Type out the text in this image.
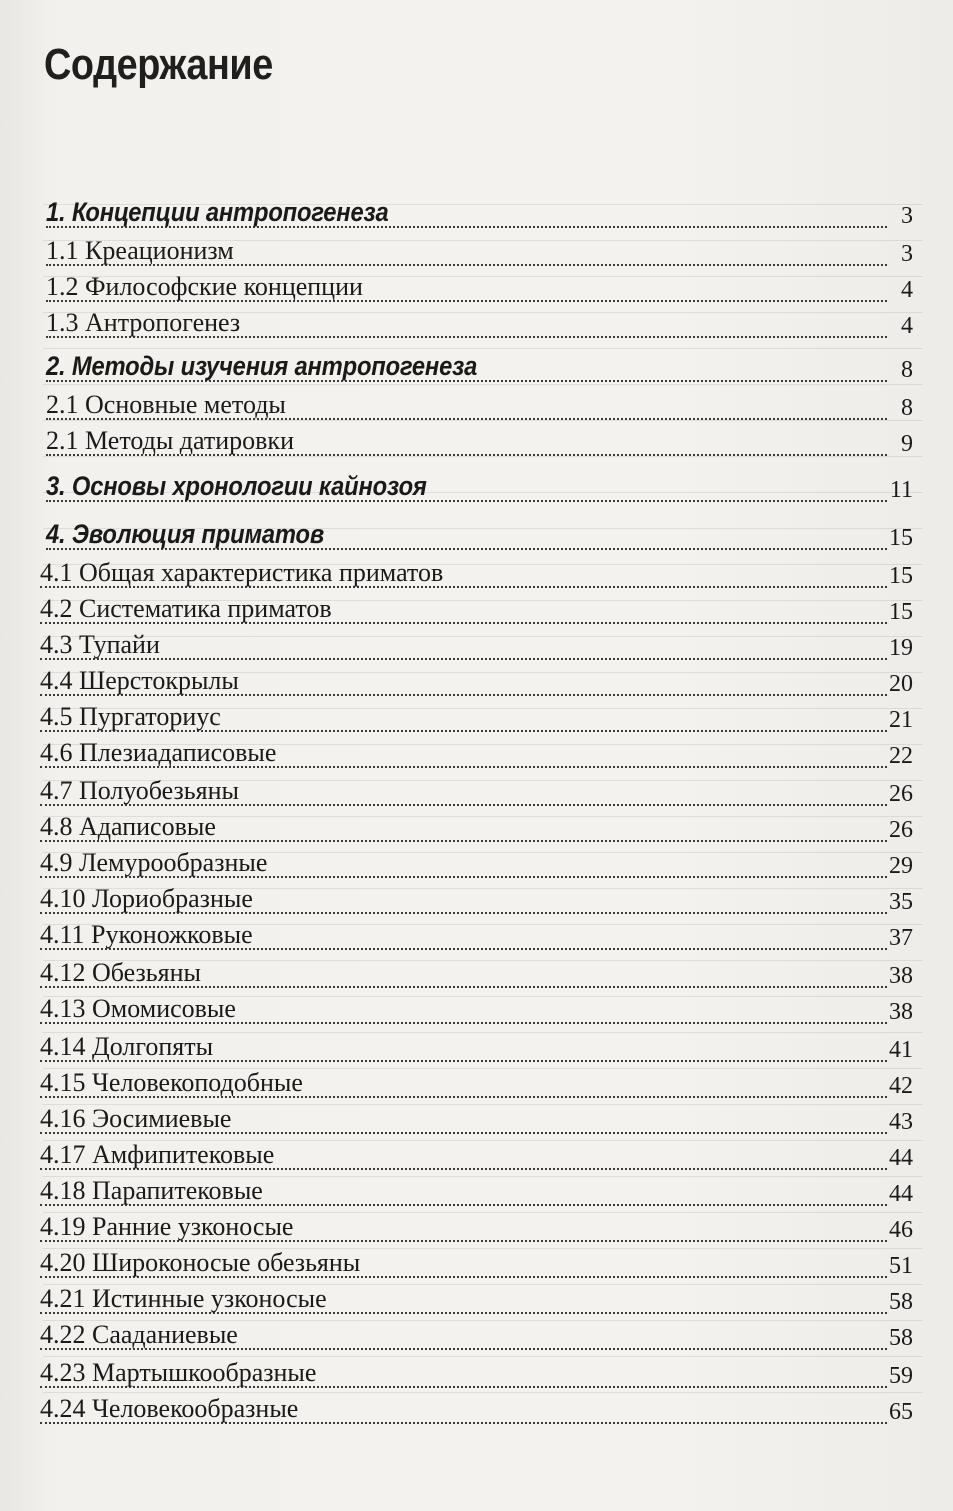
Содержание
1. Концепции антропогенеза	3
1.1 Креационизм	3
1.2 Философские концепции	4
1.3 Антропогенез	4
2. Методы изучения антропогенеза	8
2.1 Основные методы	8
2.1 Методы датировки	9
3. Основы хронологии кайнозоя	11
4. Эволюция приматов	15
4.1 Общая характеристика приматов	15
4.2 Систематика приматов	15
4.3 Тупайи	19
4.4 Шерстокрылы	20
4.5 Пургаториус	21
4.6 Плезиадаписовые	22
4.7 Полуобезьяны	26
4.8 Адаписовые	26
4.9 Лемурообразные	29
4.10 Лориобразные	35
4.11 Руконожковые	37
4.12 Обезьяны	38
4.13 Омомисовые	38
4.14 Долгопяты	41
4.15 Человекоподобные	42
4.16 Эосимиевые	43
4.17 Амфипитековые	44
4.18 Парапитековые	44
4.19 Ранние узконосые	46
4.20 Широконосые обезьяны	51
4.21 Истинные узконосые	58
4.22 Саадaниевые	58
4.23 Мартышкообразные	59
4.24 Человекообразные	65
